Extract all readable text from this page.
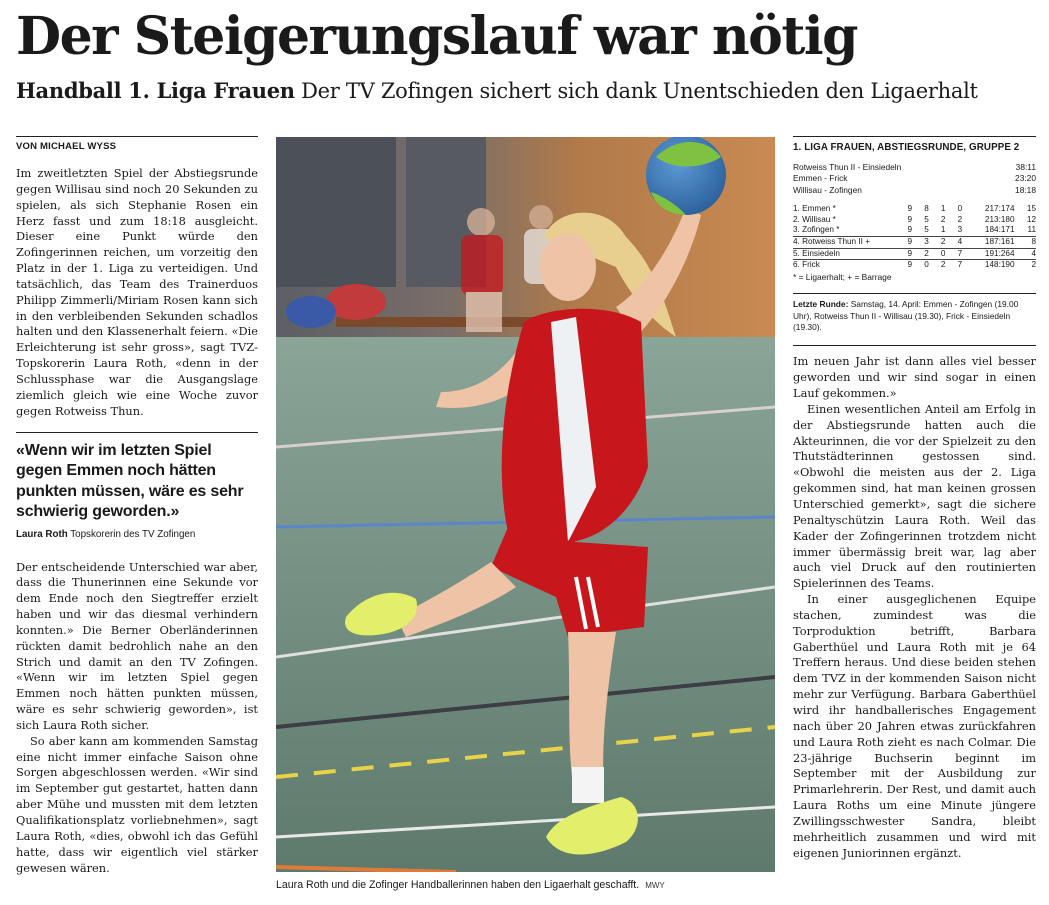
Der Steigerungslauf war nötig
Handball 1. Liga Frauen Der TV Zofingen sichert sich dank Unentschieden den Ligaerhalt
VON MICHAEL WYSS

Im zweitletzten Spiel der Abstiegsrunde gegen Willisau sind noch 20 Sekunden zu spielen, als sich Stephanie Rosen ein Herz fasst und zum 18:18 ausgleicht. Dieser eine Punkt würde den Zofingerinnen reichen, um vorzeitig den Platz in der 1. Liga zu verteidigen. Und tatsächlich, das Team des Trainerduos Philipp Zimmerli/Miriam Rosen kann sich in den verbleibenden Sekunden schadlos halten und den Klassenerhalt feiern. «Die Erleichterung ist sehr gross», sagt TVZ-Topskorerin Laura Roth, «denn in der Schlussphase war die Ausgangslage ziemlich gleich wie eine Woche zuvor gegen Rotweiss Thun.

«Wenn wir im letzten Spiel gegen Emmen noch hätten punkten müssen, wäre es sehr schwierig geworden.»
Laura Roth Topskorerin des TV Zofingen

Der entscheidende Unterschied war aber, dass die Thunerinnen eine Sekunde vor dem Ende noch den Siegtreffer erzielt haben und wir das diesmal verhindern konnten.» Die Berner Oberländerinnen rückten damit bedrohlich nahe an den Strich und damit an den TV Zofingen. «Wenn wir im letzten Spiel gegen Emmen noch hätten punkten müssen, wäre es sehr schwierig geworden», ist sich Laura Roth sicher.

So aber kann am kommenden Samstag eine nicht immer einfache Saison ohne Sorgen abgeschlossen werden. «Wir sind im September gut gestartet, hatten dann aber Mühe und mussten mit dem letzten Qualifikationsplatz vorliebnehmen», sagt Laura Roth, «dies, obwohl ich das Gefühl hatte, dass wir eigentlich viel stärker gewesen wären.

Laura Roth und die Zofinger Handballerinnen haben den Ligaerhalt geschafft. MWY
1. LIGA FRAUEN, ABSTIEGSRUNDE, GRUPPE 2
Rotweiss Thun II - Einsiedeln	38:11
Emmen - Frick	23:20
Willisau - Zofingen	18:18
1. Emmen *	9	8	1	0	217:174	15
2. Willisau *	9	5	2	2	213:180	12
3. Zofingen *	9	5	1	3	184:171	11
4. Rotweiss Thun II +	9	3	2	4	187:161	8
5. Einsiedeln	9	2	0	7	191:264	4
6. Frick	9	0	2	7	148:190	2
* = Ligaerhalt; + = Barrage
Letzte Runde: Samstag, 14. April: Emmen - Zofingen (19.00 Uhr), Rotweiss Thun II - Willisau (19.30), Frick - Einsiedeln (19.30).

Im neuen Jahr ist dann alles viel besser geworden und wir sind sogar in einen Lauf gekommen.»

Einen wesentlichen Anteil am Erfolg in der Abstiegsrunde hatten auch die Akteurinnen, die vor der Spielzeit zu den Thutstädterinnen gestossen sind. «Obwohl die meisten aus der 2. Liga gekommen sind, hat man keinen grossen Unterschied gemerkt», sagt die sichere Penaltyschützin Laura Roth. Weil das Kader der Zofingerinnen trotzdem nicht immer übermässig breit war, lag aber auch viel Druck auf den routinierten Spielerinnen des Teams.

In einer ausgeglichenen Equipe stachen, zumindest was die Torproduktion betrifft, Barbara Gaberthüel und Laura Roth mit je 64 Treffern heraus. Und diese beiden stehen dem TVZ in der kommenden Saison nicht mehr zur Verfügung. Barbara Gaberthüel wird ihr handballerisches Engagement nach über 20 Jahren etwas zurückfahren und Laura Roth zieht es nach Colmar. Die 23-jährige Buchserin beginnt im September mit der Ausbildung zur Primarlehrerin. Der Rest, und damit auch Laura Roths um eine Minute jüngere Zwillingsschwester Sandra, bleibt mehrheitlich zusammen und wird mit eigenen Juniorinnen ergänzt.
